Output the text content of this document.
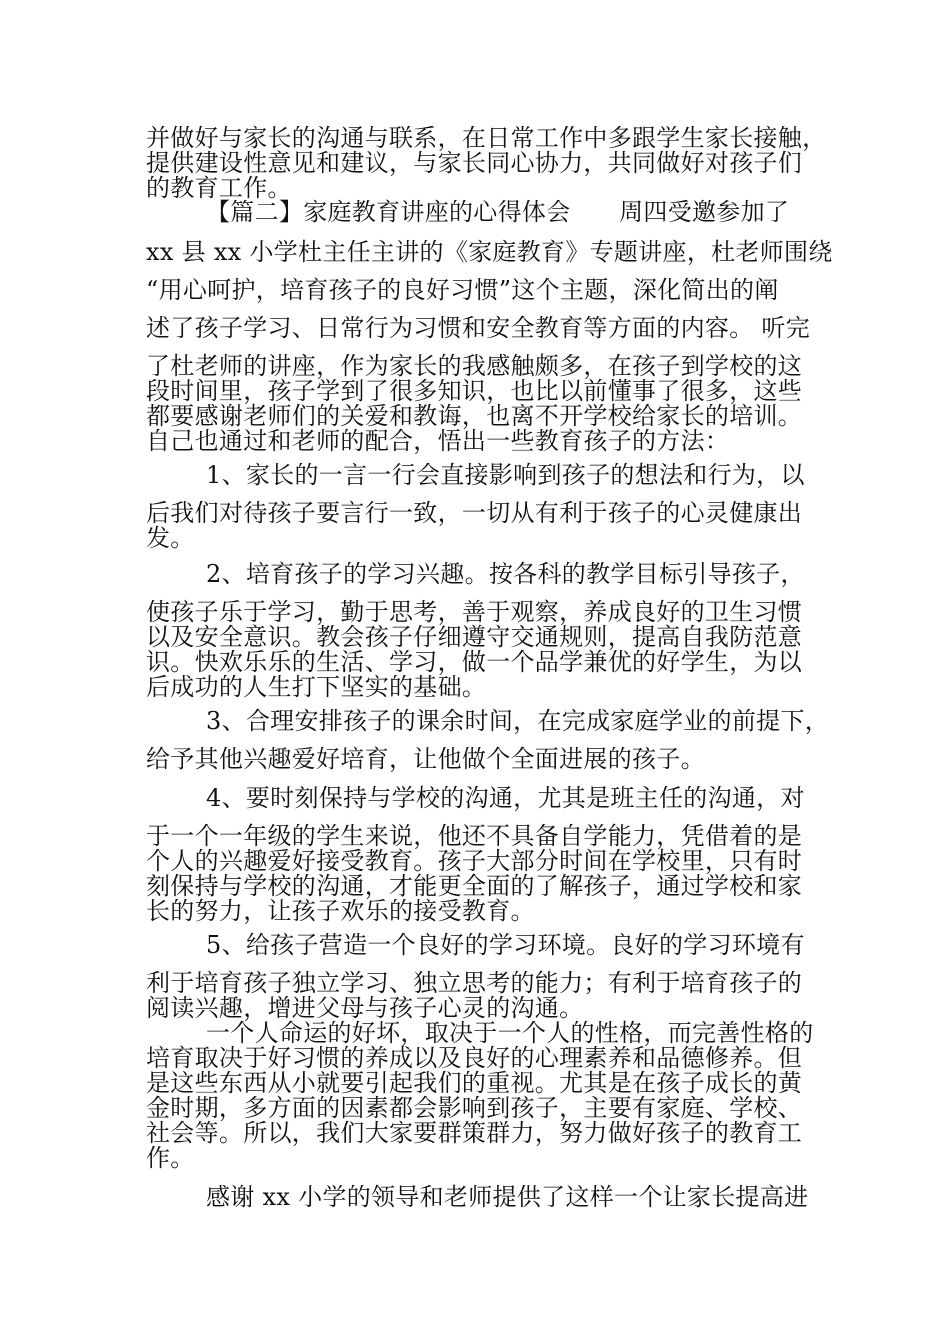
并做好与家长的沟通与联系，在日常工作中多跟学生家长接触，
提供建设性意见和建议，与家长同心协力，共同做好对孩子们
的教育工作。
【篇二】家庭教育讲座的心得体会　　周四受邀参加了
xx 县 xx 小学杜主任主讲的《家庭教育》专题讲座，杜老师围绕
“用心呵护，培育孩子的良好习惯”这个主题，深化简出的阐
述了孩子学习、日常行为习惯和安全教育等方面的内容。 听完
了杜老师的讲座，作为家长的我感触颇多，在孩子到学校的这
段时间里，孩子学到了很多知识，也比以前懂事了很多，这些
都要感谢老师们的关爱和教诲，也离不开学校给家长的培训。
自己也通过和老师的配合，悟出一些教育孩子的方法：
1、家长的一言一行会直接影响到孩子的想法和行为，以
后我们对待孩子要言行一致，一切从有利于孩子的心灵健康出
发。
2、培育孩子的学习兴趣。按各科的教学目标引导孩子，
使孩子乐于学习，勤于思考，善于观察，养成良好的卫生习惯
以及安全意识。教会孩子仔细遵守交通规则，提高自我防范意
识。快欢乐乐的生活、学习，做一个品学兼优的好学生，为以
后成功的人生打下坚实的基础。
3、合理安排孩子的课余时间，在完成家庭学业的前提下，
给予其他兴趣爱好培育，让他做个全面进展的孩子。
4、要时刻保持与学校的沟通，尤其是班主任的沟通，对
于一个一年级的学生来说，他还不具备自学能力，凭借着的是
个人的兴趣爱好接受教育。孩子大部分时间在学校里，只有时
刻保持与学校的沟通，才能更全面的了解孩子，通过学校和家
长的努力，让孩子欢乐的接受教育。
5、给孩子营造一个良好的学习环境。良好的学习环境有
利于培育孩子独立学习、独立思考的能力；有利于培育孩子的
阅读兴趣，增进父母与孩子心灵的沟通。
一个人命运的好坏，取决于一个人的性格，而完善性格的
培育取决于好习惯的养成以及良好的心理素养和品德修养。但
是这些东西从小就要引起我们的重视。尤其是在孩子成长的黄
金时期，多方面的因素都会影响到孩子，主要有家庭、学校、
社会等。所以，我们大家要群策群力，努力做好孩子的教育工
作。
感谢 xx 小学的领导和老师提供了这样一个让家长提高进
